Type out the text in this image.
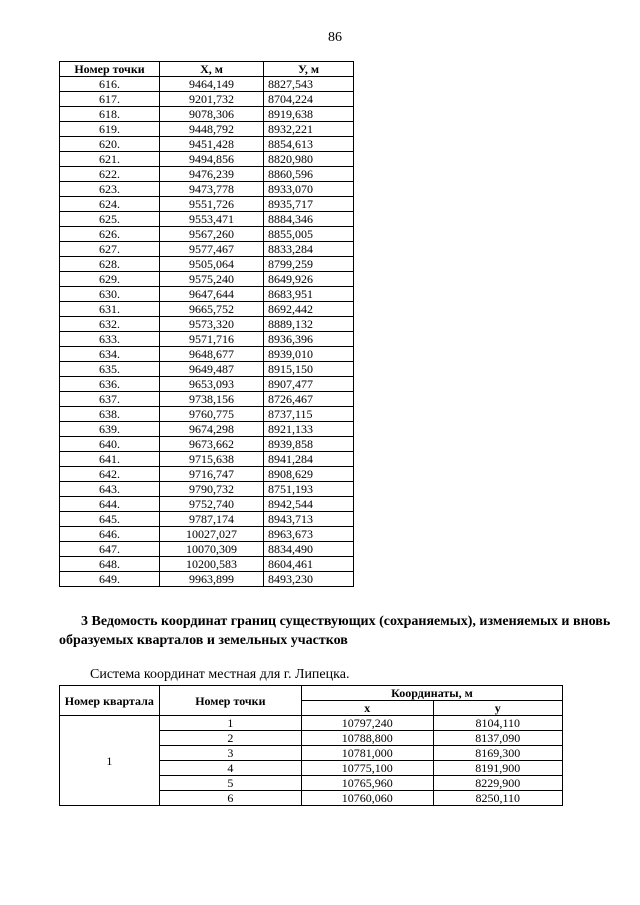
86
Номер точки	Х, м	У, м
616.	9464,149	8827,543
617.	9201,732	8704,224
618.	9078,306	8919,638
619.	9448,792	8932,221
620.	9451,428	8854,613
621.	9494,856	8820,980
622.	9476,239	8860,596
623.	9473,778	8933,070
624.	9551,726	8935,717
625.	9553,471	8884,346
626.	9567,260	8855,005
627.	9577,467	8833,284
628.	9505,064	8799,259
629.	9575,240	8649,926
630.	9647,644	8683,951
631.	9665,752	8692,442
632.	9573,320	8889,132
633.	9571,716	8936,396
634.	9648,677	8939,010
635.	9649,487	8915,150
636.	9653,093	8907,477
637.	9738,156	8726,467
638.	9760,775	8737,115
639.	9674,298	8921,133
640.	9673,662	8939,858
641.	9715,638	8941,284
642.	9716,747	8908,629
643.	9790,732	8751,193
644.	9752,740	8942,544
645.	9787,174	8943,713
646.	10027,027	8963,673
647.	10070,309	8834,490
648.	10200,583	8604,461
649.	9963,899	8493,230
3 Ведомость координат границ существующих (сохраняемых), изменяемых и вновь образуемых кварталов и земельных участков
Система координат местная для г. Липецка.
Номер квартала	Номер точки	Координаты, м	
		x	y
1	1	10797,240	8104,110
	2	10788,800	8137,090
	3	10781,000	8169,300
	4	10775,100	8191,900
	5	10765,960	8229,900
	6	10760,060	8250,110
